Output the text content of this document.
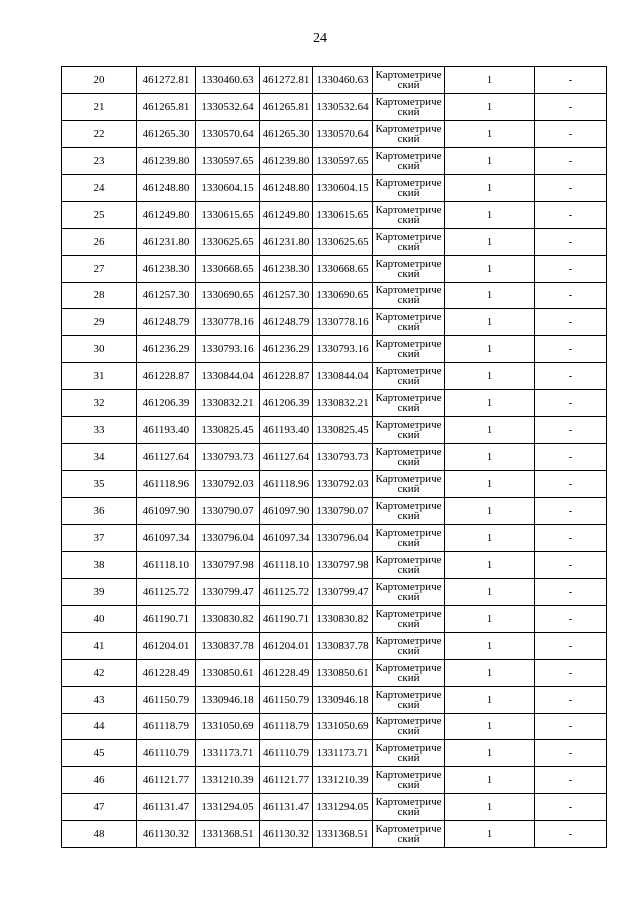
24
20	461272.81	1330460.63	461272.81	1330460.63	Картометрический	1	-
21	461265.81	1330532.64	461265.81	1330532.64	Картометрический	1	-
22	461265.30	1330570.64	461265.30	1330570.64	Картометрический	1	-
23	461239.80	1330597.65	461239.80	1330597.65	Картометрический	1	-
24	461248.80	1330604.15	461248.80	1330604.15	Картометрический	1	-
25	461249.80	1330615.65	461249.80	1330615.65	Картометрический	1	-
26	461231.80	1330625.65	461231.80	1330625.65	Картометрический	1	-
27	461238.30	1330668.65	461238.30	1330668.65	Картометрический	1	-
28	461257.30	1330690.65	461257.30	1330690.65	Картометрический	1	-
29	461248.79	1330778.16	461248.79	1330778.16	Картометрический	1	-
30	461236.29	1330793.16	461236.29	1330793.16	Картометрический	1	-
31	461228.87	1330844.04	461228.87	1330844.04	Картометрический	1	-
32	461206.39	1330832.21	461206.39	1330832.21	Картометрический	1	-
33	461193.40	1330825.45	461193.40	1330825.45	Картометрический	1	-
34	461127.64	1330793.73	461127.64	1330793.73	Картометрический	1	-
35	461118.96	1330792.03	461118.96	1330792.03	Картометрический	1	-
36	461097.90	1330790.07	461097.90	1330790.07	Картометрический	1	-
37	461097.34	1330796.04	461097.34	1330796.04	Картометрический	1	-
38	461118.10	1330797.98	461118.10	1330797.98	Картометрический	1	-
39	461125.72	1330799.47	461125.72	1330799.47	Картометрический	1	-
40	461190.71	1330830.82	461190.71	1330830.82	Картометрический	1	-
41	461204.01	1330837.78	461204.01	1330837.78	Картометрический	1	-
42	461228.49	1330850.61	461228.49	1330850.61	Картометрический	1	-
43	461150.79	1330946.18	461150.79	1330946.18	Картометрический	1	-
44	461118.79	1331050.69	461118.79	1331050.69	Картометрический	1	-
45	461110.79	1331173.71	461110.79	1331173.71	Картометрический	1	-
46	461121.77	1331210.39	461121.77	1331210.39	Картометрический	1	-
47	461131.47	1331294.05	461131.47	1331294.05	Картометрический	1	-
48	461130.32	1331368.51	461130.32	1331368.51	Картометрический	1	-
